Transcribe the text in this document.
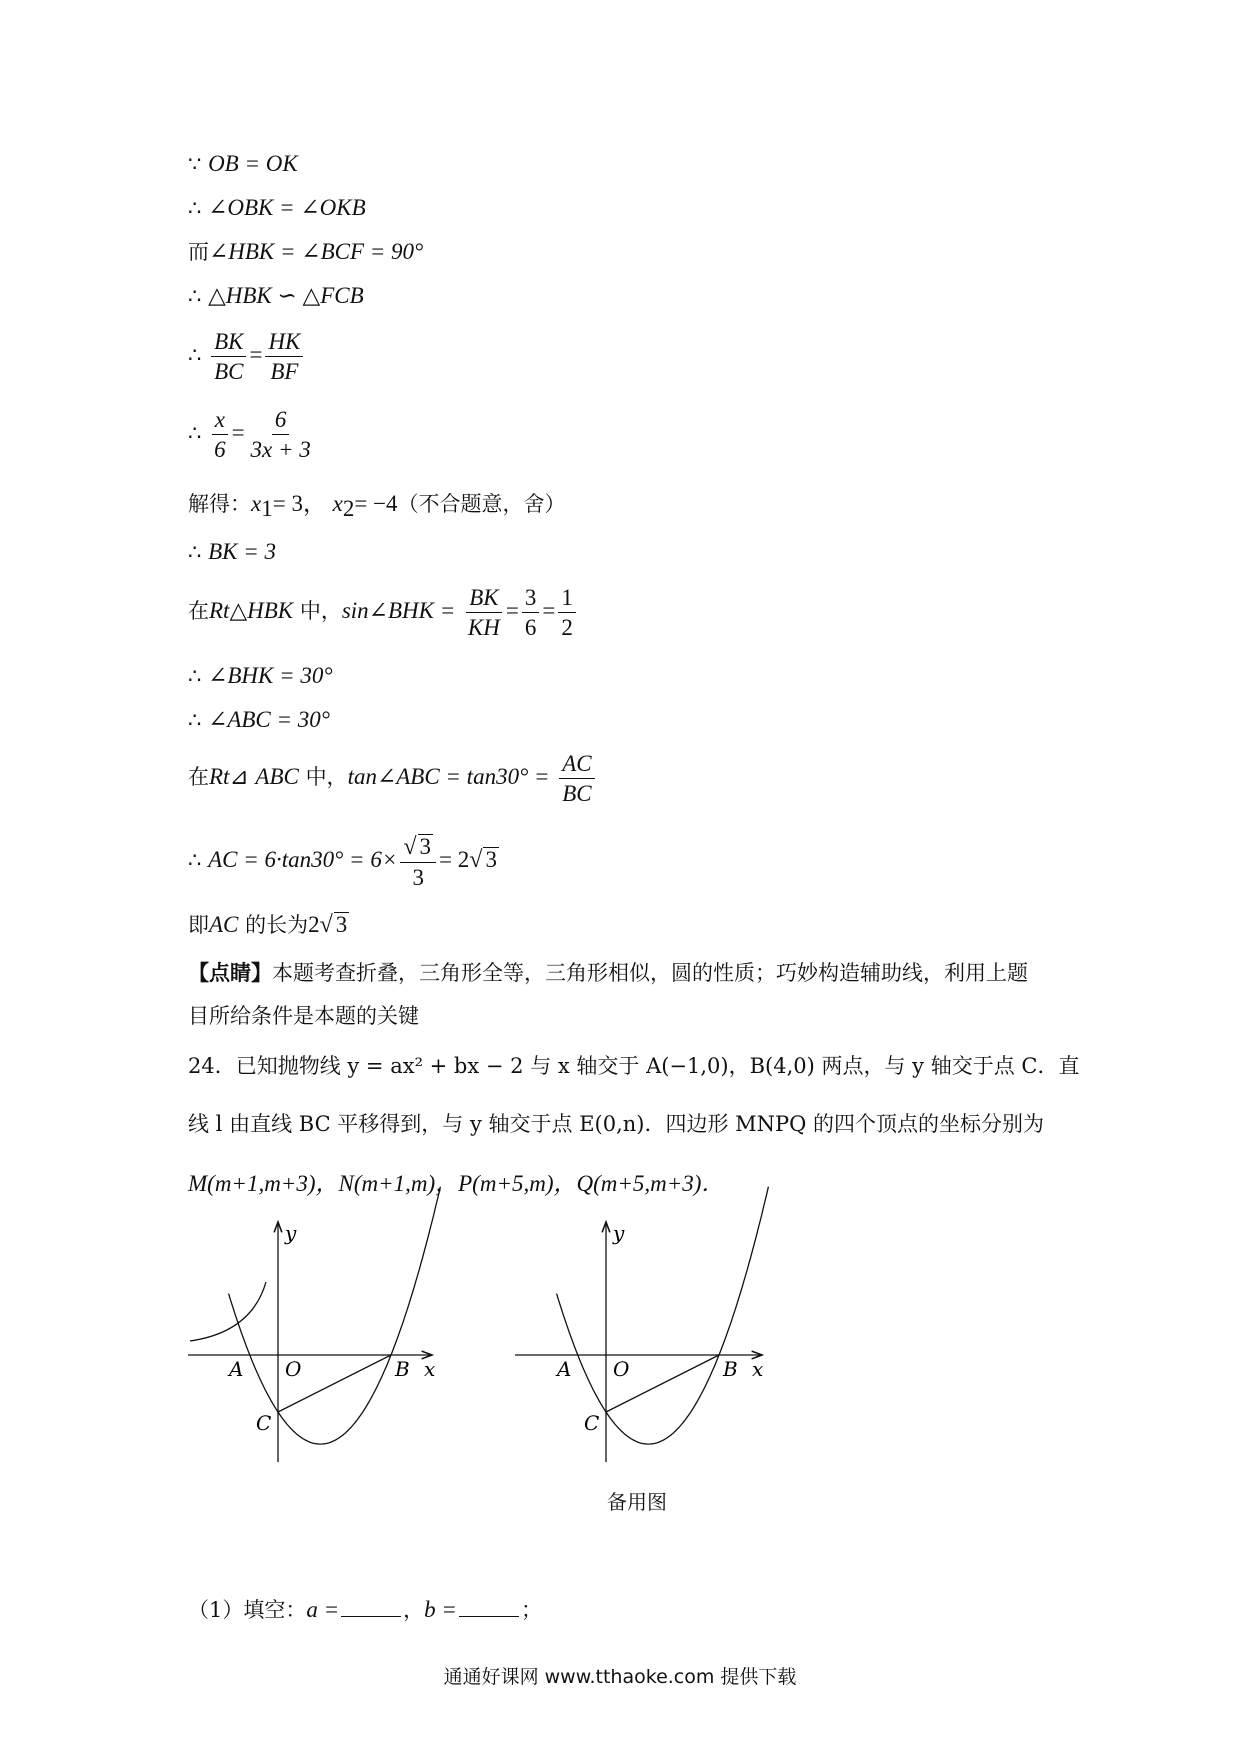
∵ OB = OK
∴ ∠OBK = ∠OKB
而∠HBK = ∠BCF = 90°
∴ △HBK ∽ △FCB
∴ $\frac{BK}{BC} = \frac{HK}{BF}$
∴ $\frac{x}{6} = \frac{6}{3x + 3}$
解得：$x_1= 3$， $x_2= -4$（不合题意，舍）
∴ BK = 3
在Rt△HBK 中，sin∠BHK = $\frac{BK}{KH} = \frac{3}{6} = \frac{1}{2}$
∴ ∠BHK = 30°
∴ ∠ABC = 30°
在Rt⊿ ABC 中，tan∠ABC = $\tan 30^\circ = \frac{AC}{BC}$
∴ AC = $6\cdot\tan 30^\circ = 6\times \frac{√ 3}{3} = 2√$ 3
即AC 的长为2√ 3
【点睛】本题考查折叠，三角形全等，三角形相似，圆的性质；巧妙构造辅助线，利用上题
目所给条件是本题的关键
24．已知抛物线 y = ax² + bx − 2 与 x 轴交于 A(−1,0)，B(4,0) 两点，与 y 轴交于点 C．直
线 l 由直线 BC 平移得到，与 y 轴交于点 E(0,n)．四边形 MNPQ 的四个顶点的坐标分别为
M(m+1,m+3)，N(m+1,m)，P(m+5,m)，Q(m+5,m+3)．
y
x
A O	B
C
y
x
A O	B
C
备用图
（1）填空：a =	，b =	；
通通好课网 www.tthaoke.com 提供下载
